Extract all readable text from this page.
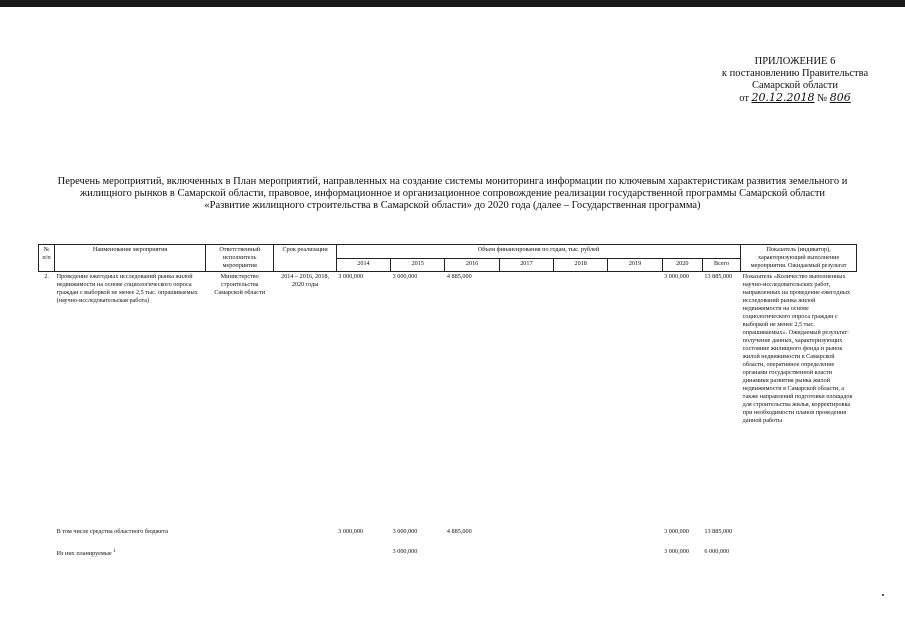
ПРИЛОЖЕНИЕ 6
к постановлению Правительства
Самарской области
от 20.12.2018 № 806
Перечень мероприятий, включенных в План мероприятий, направленных на создание системы мониторинга информации по ключевым характеристикам развития земельного и
жилищного рынков в Самарской области, правовое, информационное и организационное сопровождение реализации государственной программы Самарской области
«Развитие жилищного строительства в Самарской области» до 2020 года (далее – Государственная программа)
№ п/п	Наименование мероприятия	Ответственный исполнитель мероприятия	Срок реализации	Объем финансирования по годам, тыс. рублей								Показатель (индикатор), характеризующий выполнение мероприятия. Ожидаемый результат
				2014	2015	2016	2017	2018	2019	2020	Всего	
2.	Проведение ежегодных исследований рынка жилой недвижимости на основе социологического опроса граждан с выборкой не менее 2,5 тыс. опрашиваемых (научно-исследовательская работа)	Министерство строительства Самарской области	2014 – 2016, 2018, 2020 годы	3 000,000	3 000,000	4 885,000				3 000,000	13 885,000	Показатель «Количество выполненных научно-исследовательских работ, направленных на проведение ежегодных исследований рынка жилой недвижимости на основе социологического опроса граждан с выборкой не менее 2,5 тыс. опрашиваемых». Ожидаемый результат: получение данных, характеризующих состояние жилищного фонда и рынок жилой недвижимости в Самарской области, оперативное определение органами государственной власти динамики развития рынка жилой недвижимости в Самарской области, а также направлений подготовки площадок для строительства жилья, корректировка при необходимости планов проведения данной работы
	В том числе средства областного бюджета			3 000,000	3 000,000	4 885,000				3 000,000	13 885,000	
	Из них планируемые $^1$				3 000,000					3 000,000	6 000,000	
